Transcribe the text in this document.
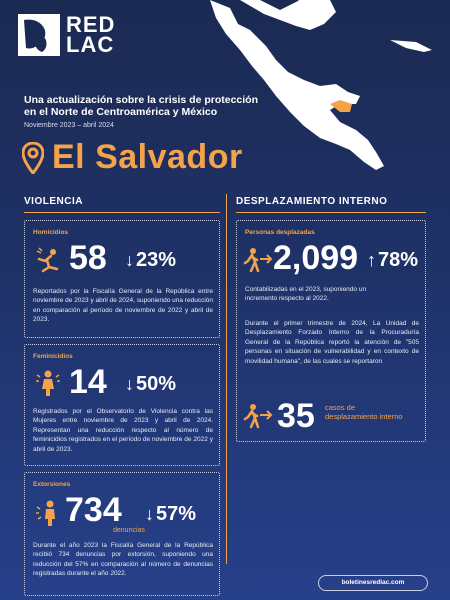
RED
LAC
Una actualización sobre la crisis de protección
en el Norte de Centroamérica y México
Noviembre 2023 – abril 2024
El Salvador
VIOLENCIA	DESPLAZAMIENTO INTERNO
Homicidios
58 ↓ 23%
Reportados por la Fiscalía General de la República entre noviembre de 2023 y abril de 2024, suponiendo una reducción en comparación al período de noviembre de 2022 y abril de 2023.
Feminicidios
14 ↓ 50%
Registrados por el Observatorio de Violencia contra las Mujeres entre noviembre de 2023 y abril de 2024. Representan una reducción respecto al número de feminicidios registrados en el período de noviembre de 2022 y abril de 2023.
Extorsiones
734
denuncias
↓ 57%
Durante el año 2023 la Fiscalía General de la República recibió 734 denuncias por extorsión, suponiendo una reducción del 57% en comparación al número de denuncias registradas durante el año 2022.
Personas desplazadas
2,099 ↑ 78%
Contabilizadas en el 2023, suponiendo un incremento respecto al 2022.
Durante el primer trimestre de 2024, La Unidad de Desplazamiento Forzado Interno de la Procuraduría General de la República reportó la atención de "505 personas en situación de vulnerabilidad y en contexto de movilidad humana", de las cuales se reportaron
35 casos de desplazamiento interno
boletinesredlac.com
